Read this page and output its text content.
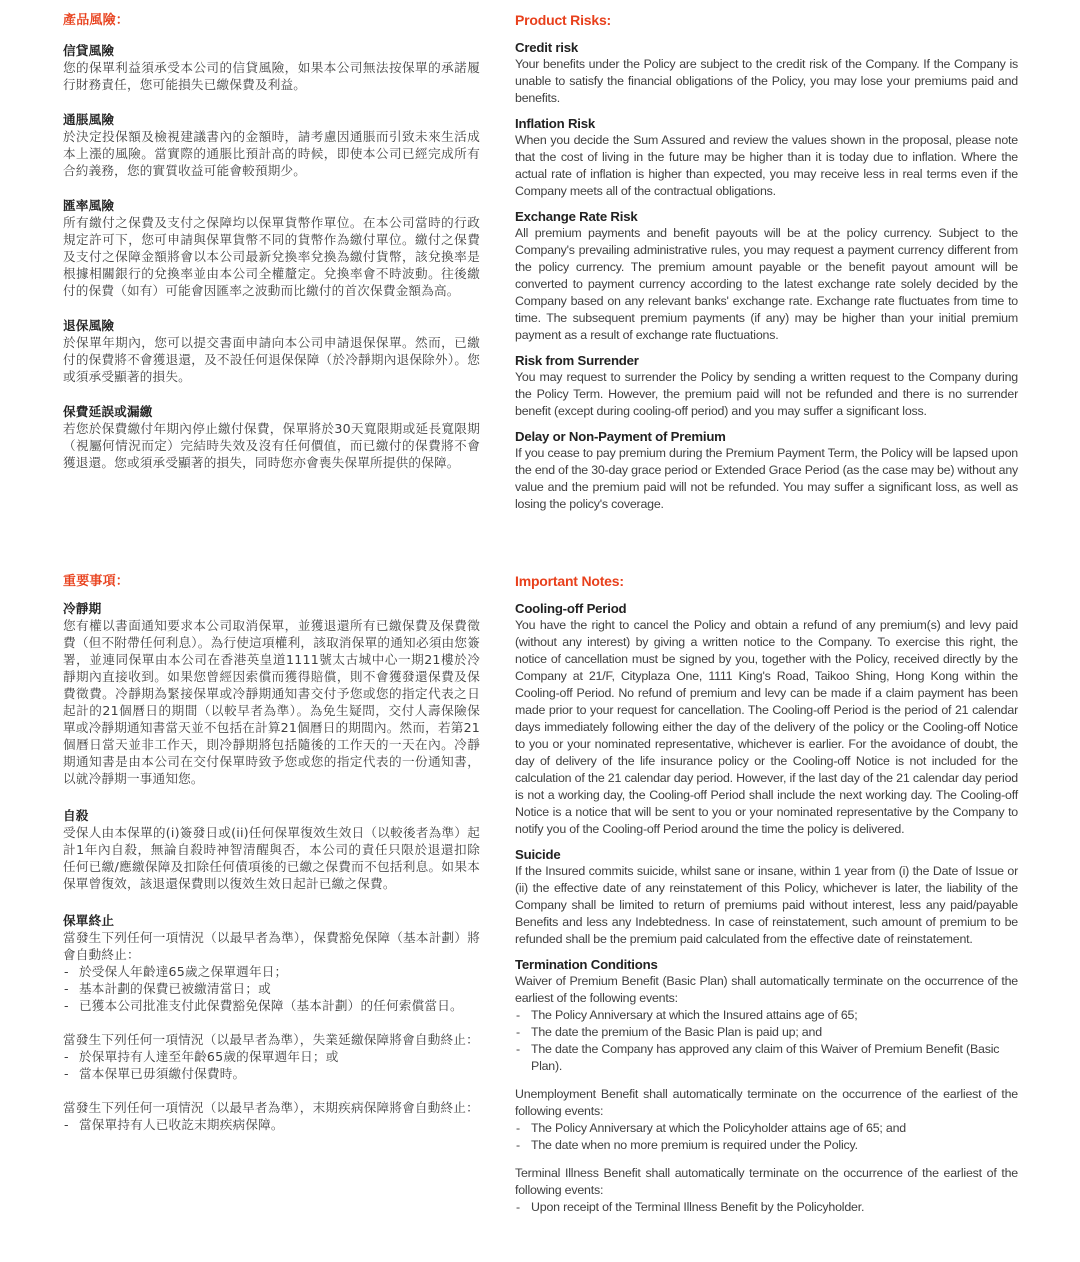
產品風險：
信貸風險

您的保單利益須承受本公司的信貸風險，如果本公司無法按保單的承諾履行財務責任，您可能損失已繳保費及利益。

通脹風險

於決定投保額及檢視建議書內的金額時，請考慮因通脹而引致未來生活成本上漲的風險。當實際的通脹比預計高的時候，即使本公司已經完成所有合約義務，您的實質收益可能會較預期少。

匯率風險

所有繳付之保費及支付之保障均以保單貨幣作單位。在本公司當時的行政規定許可下，您可申請與保單貨幣不同的貨幣作為繳付單位。繳付之保費及支付之保障金額將會以本公司最新兌換率兌換為繳付貨幣，該兌換率是根據相關銀行的兌換率並由本公司全權釐定。兌換率會不時波動。往後繳付的保費（如有）可能會因匯率之波動而比繳付的首次保費金額為高。

退保風險

於保單年期內，您可以提交書面申請向本公司申請退保保單。然而，已繳付的保費將不會獲退還，及不設任何退保保障（於冷靜期內退保除外）。您或須承受顯著的損失。

保費延誤或漏繳

若您於保費繳付年期內停止繳付保費，保單將於30天寬限期或延長寬限期（視屬何情況而定）完結時失效及沒有任何價值，而已繳付的保費將不會獲退還。您或須承受顯著的損失，同時您亦會喪失保單所提供的保障。

Product Risks:
Credit risk

Your benefits under the Policy are subject to the credit risk of the Company. If the Company is unable to satisfy the financial obligations of the Policy, you may lose your premiums paid and benefits.

Inflation Risk

When you decide the Sum Assured and review the values shown in the proposal, please note that the cost of living in the future may be higher than it is today due to inflation. Where the actual rate of inflation is higher than expected, you may receive less in real terms even if the Company meets all of the contractual obligations.

Exchange Rate Risk

All premium payments and benefit payouts will be at the policy currency. Subject to the Company's prevailing administrative rules, you may request a payment currency different from the policy currency. The premium amount payable or the benefit payout amount will be converted to payment currency according to the latest exchange rate solely decided by the Company based on any relevant banks' exchange rate. Exchange rate fluctuates from time to time. The subsequent premium payments (if any) may be higher than your initial premium payment as a result of exchange rate fluctuations.

Risk from Surrender

You may request to surrender the Policy by sending a written request to the Company during the Policy Term. However, the premium paid will not be refunded and there is no surrender benefit (except during cooling-off period) and you may suffer a significant loss.

Delay or Non-Payment of Premium

If you cease to pay premium during the Premium Payment Term, the Policy will be lapsed upon the end of the 30-day grace period or Extended Grace Period (as the case may be) without any value and the premium paid will not be refunded. You may suffer a significant loss, as well as losing the policy's coverage.

重要事項：
冷靜期

您有權以書面通知要求本公司取消保單，並獲退還所有已繳保費及保費徵費（但不附帶任何利息）。為行使這項權利，該取消保單的通知必須由您簽署，並連同保單由本公司在香港英皇道1111號太古城中心一期21樓於冷靜期內直接收到。如果您曾經因索償而獲得賠償，則不會獲發還保費及保費徵費。冷靜期為緊接保單或冷靜期通知書交付予您或您的指定代表之日起計的21個曆日的期間（以較早者為準）。為免生疑問，交付人壽保險保單或冷靜期通知書當天並不包括在計算21個曆日的期間內。然而，若第21個曆日當天並非工作天，則冷靜期將包括隨後的工作天的一天在內。冷靜期通知書是由本公司在交付保單時致予您或您的指定代表的一份通知書，以就冷靜期一事通知您。

自殺

受保人由本保單的(i)簽發日或(ii)任何保單復效生效日（以較後者為準）起計1年內自殺，無論自殺時神智清醒與否，本公司的責任只限於退還扣除任何已繳/應繳保障及扣除任何債項後的已繳之保費而不包括利息。如果本保單曾復效，該退還保費則以復效生效日起計已繳之保費。

保單終止

當發生下列任何一項情況（以最早者為準），保費豁免保障（基本計劃）將會自動終止：

- 於受保人年齡達65歲之保單週年日；
- 基本計劃的保費已被繳清當日；或
- 已獲本公司批准支付此保費豁免保障（基本計劃）的任何索償當日。

當發生下列任何一項情況（以最早者為準），失業延繳保障將會自動終止：

- 於保單持有人達至年齡65歲的保單週年日；或
- 當本保單已毋須繳付保費時。

當發生下列任何一項情況（以最早者為準），末期疾病保障將會自動終止：

- 當保單持有人已收訖末期疾病保障。
Important Notes:
Cooling-off Period

You have the right to cancel the Policy and obtain a refund of any premium(s) and levy paid (without any interest) by giving a written notice to the Company. To exercise this right, the notice of cancellation must be signed by you, together with the Policy, received directly by the Company at 21/F, Cityplaza One, 1111 King's Road, Taikoo Shing, Hong Kong within the Cooling-off Period. No refund of premium and levy can be made if a claim payment has been made prior to your request for cancellation. The Cooling-off Period is the period of 21 calendar days immediately following either the day of the delivery of the policy or the Cooling-off Notice to you or your nominated representative, whichever is earlier. For the avoidance of doubt, the day of delivery of the life insurance policy or the Cooling-off Notice is not included for the calculation of the 21 calendar day period. However, if the last day of the 21 calendar day period is not a working day, the Cooling-off Period shall include the next working day. The Cooling-off Notice is a notice that will be sent to you or your nominated representative by the Company to notify you of the Cooling-off Period around the time the policy is delivered.

Suicide

If the Insured commits suicide, whilst sane or insane, within 1 year from (i) the Date of Issue or (ii) the effective date of any reinstatement of this Policy, whichever is later, the liability of the Company shall be limited to return of premiums paid without interest, less any paid/payable Benefits and less any Indebtedness. In case of reinstatement, such amount of premium to be refunded shall be the premium paid calculated from the effective date of reinstatement.

Termination Conditions

Waiver of Premium Benefit (Basic Plan) shall automatically terminate on the occurrence of the earliest of the following events:

- The Policy Anniversary at which the Insured attains age of 65;
- The date the premium of the Basic Plan is paid up; and
- The date the Company has approved any claim of this Waiver of Premium Benefit (Basic Plan).

Unemployment Benefit shall automatically terminate on the occurrence of the earliest of the following events:

- The Policy Anniversary at which the Policyholder attains age of 65; and
- The date when no more premium is required under the Policy.

Terminal Illness Benefit shall automatically terminate on the occurrence of the earliest of the following events:

- Upon receipt of the Terminal Illness Benefit by the Policyholder.
